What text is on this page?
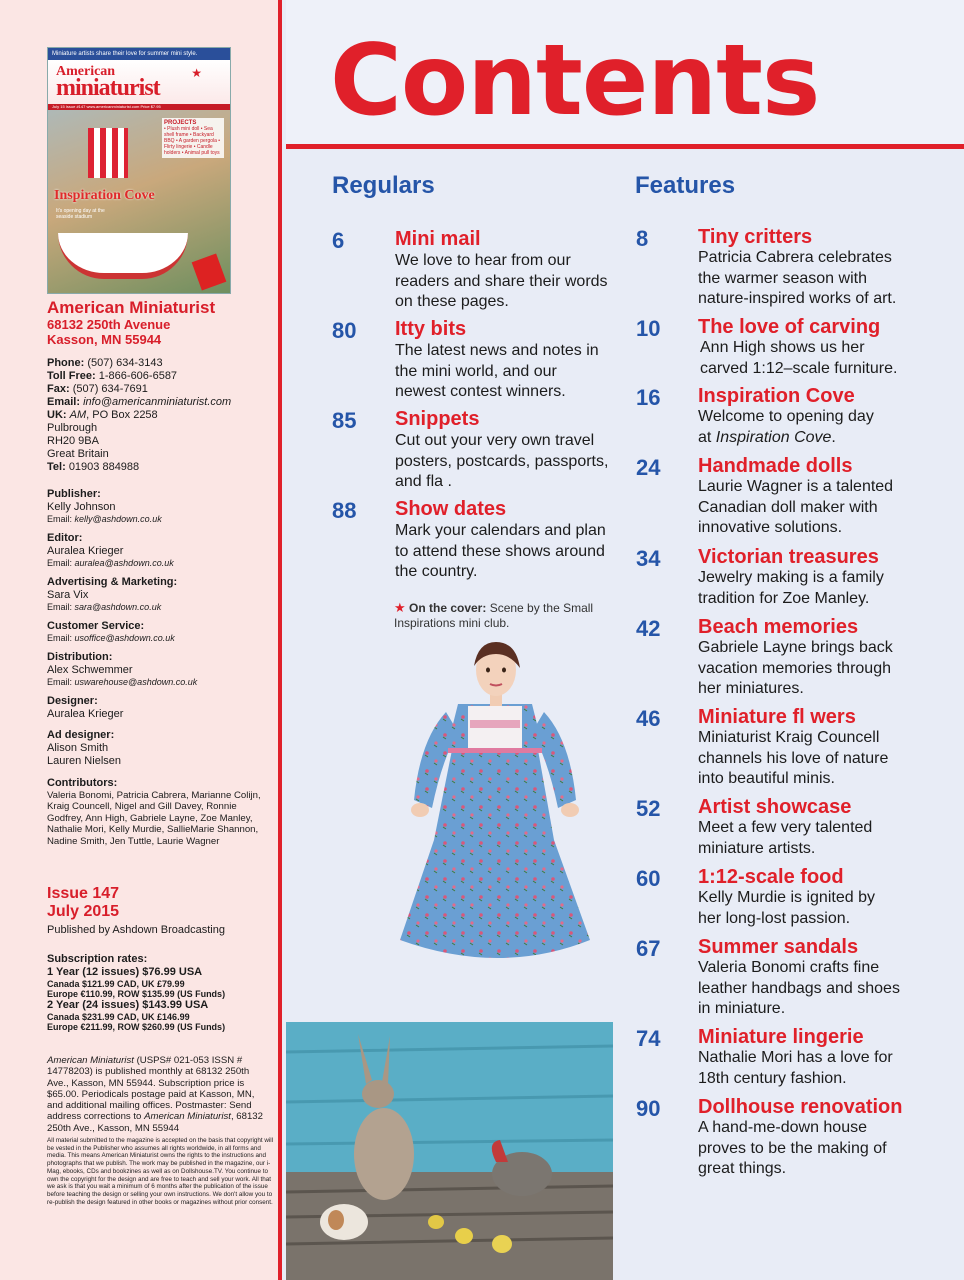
Miniature artists share their love for summer mini style.
American
miniaturist
★
July 15 Issue #147 www.americanminiaturist.com Price $7.95
PROJECTS
• Plush mini doll • Sea shell frame • Backyard BBQ • A garden pergola • Flirty lingerie • Candle holders • Animal pull toys
Inspiration Cove
It's opening day at the seaside stadium
American Miniaturist
68132 250th Avenue
Kasson, MN 55944
Phone: (507) 634-3143
Toll Free: 1-866-606-6587
Fax: (507) 634-7691
Email: info@americanminiaturist.com
UK: AM, PO Box 2258
Pulbrough
RH20 9BA
Great Britain
Tel: 01903 884988
Publisher:
Kelly Johnson
Email: kelly@ashdown.co.uk
Editor:
Auralea Krieger
Email: auralea@ashdown.co.uk
Advertising & Marketing:
Sara Vix
Email: sara@ashdown.co.uk
Customer Service:
Email: usoffice@ashdown.co.uk
Distribution:
Alex Schwemmer
Email: uswarehouse@ashdown.co.uk
Designer:
Auralea Krieger
Ad designer:
Alison Smith
Lauren Nielsen
Contributors:
Valeria Bonomi, Patricia Cabrera, Marianne Colijn, Kraig Councell, Nigel and Gill Davey, Ronnie Godfrey, Ann High, Gabriele Layne, Zoe Manley, Nathalie Mori, Kelly Murdie, SallieMarie Shannon, Nadine Smith, Jen Tuttle, Laurie Wagner
Issue 147
July 2015
Published by Ashdown Broadcasting
Subscription rates:
1 Year (12 issues) $76.99 USA
Canada $121.99 CAD, UK £79.99
Europe €110.99, ROW $135.99 (US Funds)
2 Year (24 issues) $143.99 USA
Canada $231.99 CAD, UK £146.99
Europe €211.99, ROW $260.99 (US Funds)
American Miniaturist (USPS# 021-053 ISSN # 14778203) is published monthly at 68132 250th Ave., Kasson, MN 55944. Subscription price is $65.00. Periodicals postage paid at Kasson, MN, and additional mailing offices. Postmaster: Send address corrections to American Miniaturist, 68132 250th Ave., Kasson, MN 55944
All material submitted to the magazine is accepted on the basis that copyright will be vested in the Publisher who assumes all rights worldwide, in all forms and media. This means American Miniaturist owns the rights to the instructions and photographs that we publish. The work may be published in the magazine, our i-Mag, ebooks, CDs and bookzines as well as on Dollshouse.TV. You continue to own the copyright for the design and are free to teach and sell your work. All that we ask is that you wait a minimum of 6 months after the publication of the issue before teaching the design or selling your own instructions. We don't allow you to re-publish the design featured in other books or magazines without prior consent.
Contents
Regulars
6	Mini mail
We love to hear from our readers and share their words on these pages.
80 Itty bits
The latest news and notes in the mini world, and our newest contest winners.
85 Snippets
Cut out your very own travel posters, postcards, passports, and fla .
88 Show dates
Mark your calendars and plan to attend these shows around the country.
★ On the cover: Scene by the Small Inspirations mini club.
Features
8 Tiny critters
Patricia Cabrera celebrates the warmer season with nature-inspired works of art.
10 The love of carving
Ann High shows us her carved 1:12–scale furniture.
16 Inspiration Cove
Welcome to opening day at Inspiration Cove.
24 Handmade dolls
Laurie Wagner is a talented Canadian doll maker with innovative solutions.
34 Victorian treasures
Jewelry making is a family tradition for Zoe Manley.
42 Beach memories
Gabriele Layne brings back vacation memories through her miniatures.
46 Miniature fl wers
Miniaturist Kraig Councell channels his love of nature into beautiful minis.
52 Artist showcase
Meet a few very talented miniature artists.
60 1:12-scale food
Kelly Murdie is ignited by her long-lost passion.
67 Summer sandals
Valeria Bonomi crafts fine leather handbags and shoes in miniature.
74 Miniature lingerie
Nathalie Mori has a love for 18th century fashion.
90 Dollhouse renovation
A hand-me-down house proves to be the making of great things.
